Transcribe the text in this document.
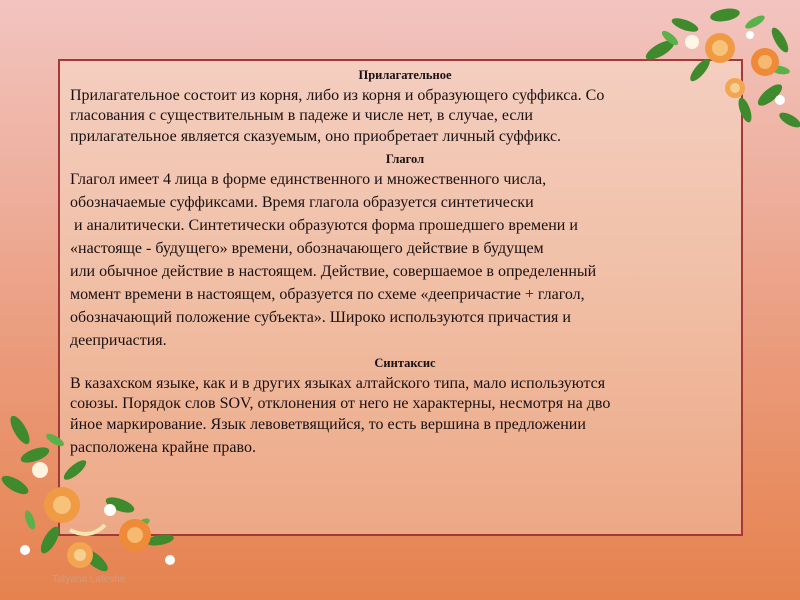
Прилагательное

Прилагательное состоит из корня, либо из корня и образующего суффикса. Со

гласования с существительным в падеже и числе нет, в случае, если

прилагательное является сказуемым, оно приобретает личный суффикс.

Глагол

Глагол имеет 4 лица в форме единственного и множественного числа,

обозначаемые суффиксами. Время глагола образуется синтетически

и аналитически. Синтетически образуются форма прошедшего времени и

«настояще - будущего» времени, обозначающего действие в будущем

или обычное действие в настоящем. Действие, совершаемое в определенный

момент времени в настоящем, образуется по схеме «деепричастие + глагол,

обозначающий положение субъекта». Широко используются причастия и

деепричастия.

Синтаксис

В казахском языке, как и в других языках алтайского типа, мало используются

союзы. Порядок слов SOV, отклонения от него не характерны, несмотря на дво

йное маркирование. Язык левоветвящийся, то есть вершина в предложении

расположена крайне право.

Tatyana Lateshe
